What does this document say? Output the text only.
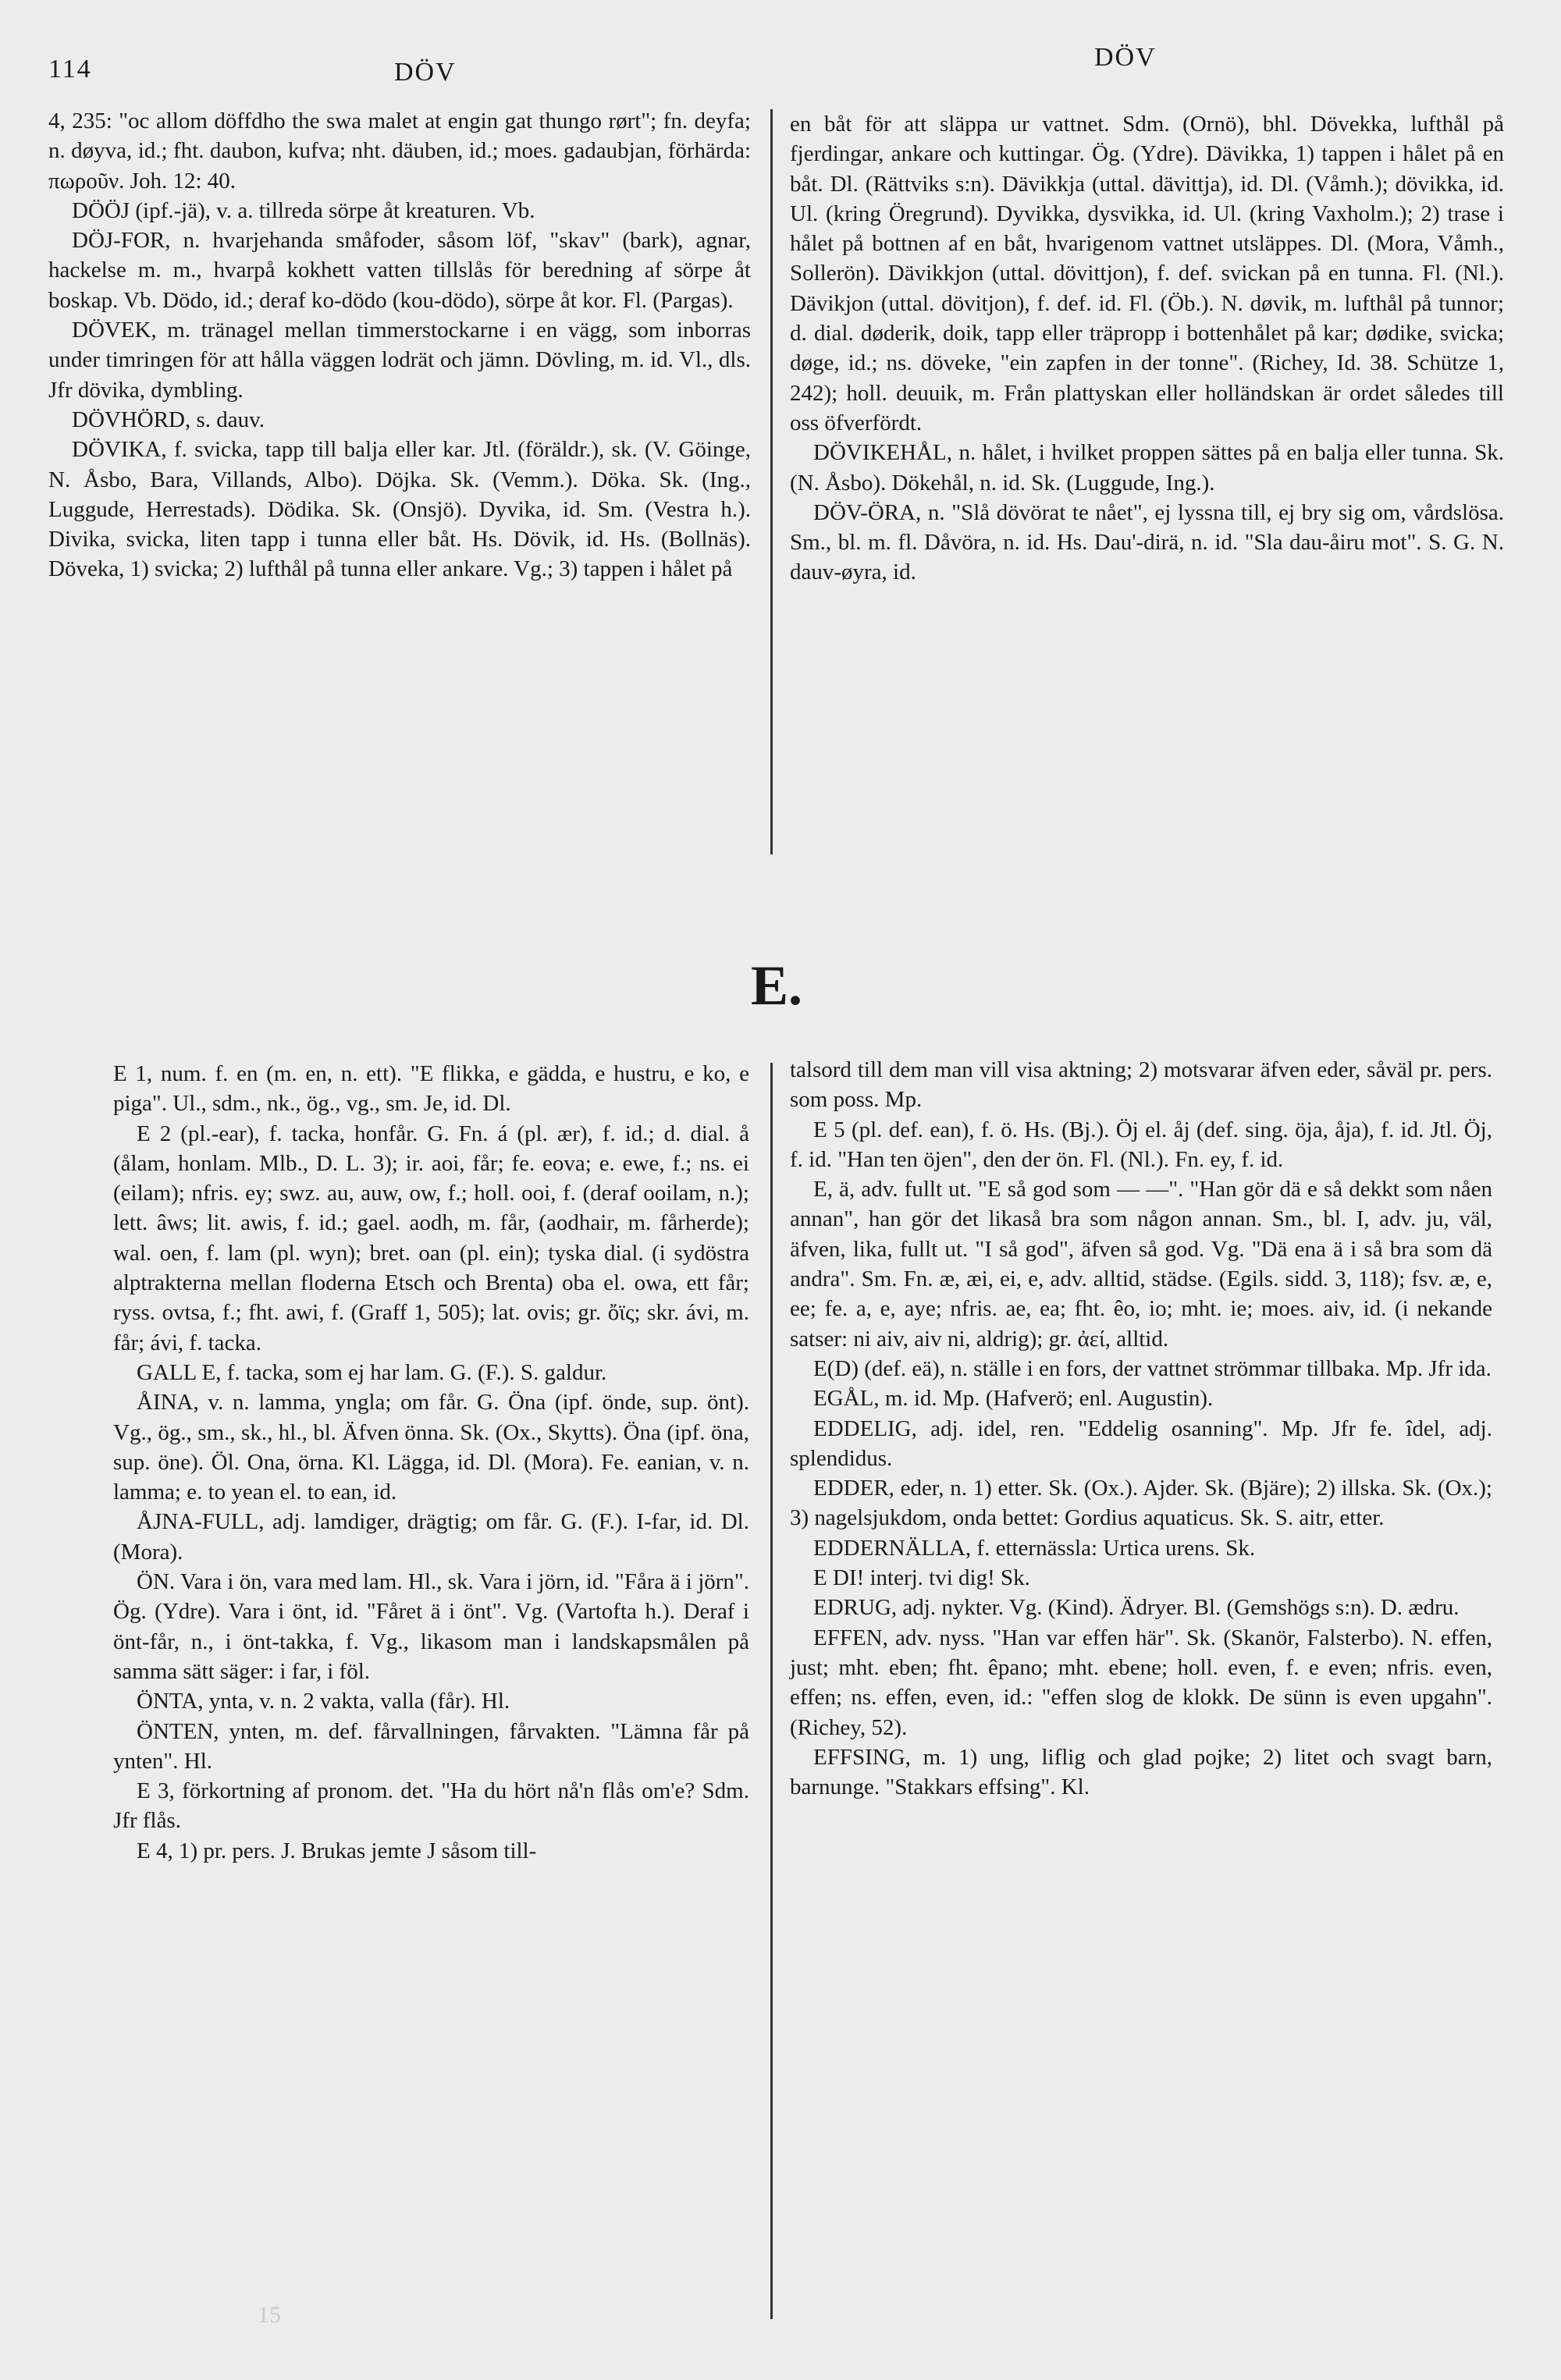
114	DÖV
DÖV

4, 235: "oc allom döffdho the swa malet at engin gat thungo rørt"; fn. deyfa; n. døyva, id.; fht. daubon, kufva; nht. däuben, id.; moes. gadaubjan, förhärda: πωροῦν. Joh. 12: 40.

DÖÖJ (ipf.-jä), v. a. tillreda sörpe åt kreaturen. Vb.

DÖJ-FOR, n. hvarjehanda småfoder, såsom löf, "skav" (bark), agnar, hackelse m. m., hvarpå kokhett vatten tillslås för beredning af sörpe åt boskap. Vb. Dödo, id.; deraf ko-dödo (kou-dödo), sörpe åt kor. Fl. (Pargas).

DÖVEK, m. tränagel mellan timmerstockarne i en vägg, som inborras under timringen för att hålla väggen lodrät och jämn. Dövling, m. id. Vl., dls. Jfr dövika, dymbling.

DÖVHÖRD, s. dauv.

DÖVIKA, f. svicka, tapp till balja eller kar. Jtl. (föräldr.), sk. (V. Göinge, N. Åsbo, Bara, Villands, Albo). Döjka. Sk. (Vemm.). Döka. Sk. (Ing., Luggude, Herrestads). Dödika. Sk. (Onsjö). Dyvika, id. Sm. (Vestra h.). Divika, svicka, liten tapp i tunna eller båt. Hs. Dövik, id. Hs. (Bollnäs). Döveka, 1) svicka; 2) lufthål på tunna eller ankare. Vg.; 3) tappen i hålet på

en båt för att släppa ur vattnet. Sdm. (Ornö), bhl. Dövekka, lufthål på fjerdingar, ankare och kuttingar. Ög. (Ydre). Dävikka, 1) tappen i hålet på en båt. Dl. (Rättviks s:n). Dävikkja (uttal. dävittja), id. Dl. (Våmh.); dövikka, id. Ul. (kring Öregrund). Dyvikka, dysvikka, id. Ul. (kring Vaxholm.); 2) trase i hålet på bottnen af en båt, hvarigenom vattnet utsläppes. Dl. (Mora, Våmh., Sollerön). Dävikkjon (uttal. dövittjon), f. def. svickan på en tunna. Fl. (Nl.). Dävikjon (uttal. dövitjon), f. def. id. Fl. (Öb.). N. døvik, m. lufthål på tunnor; d. dial. døderik, doik, tapp eller träpropp i bottenhålet på kar; dødike, svicka; døge, id.; ns. döveke, "ein zapfen in der tonne". (Richey, Id. 38. Schütze 1, 242); holl. deuuik, m. Från plattyskan eller holländskan är ordet således till oss öfverfördt.

DÖVIKEHÅL, n. hålet, i hvilket proppen sättes på en balja eller tunna. Sk. (N. Åsbo). Dökehål, n. id. Sk. (Luggude, Ing.).

DÖV-ÖRA, n. "Slå dövörat te nået", ej lyssna till, ej bry sig om, vårdslösa. Sm., bl. m. fl. Dåvöra, n. id. Hs. Dau'-dirä, n. id. "Sla dau-åiru mot". S. G. N. dauv-øyra, id.

E.

E 1, num. f. en (m. en, n. ett). "E flikka, e gädda, e hustru, e ko, e piga". Ul., sdm., nk., ög., vg., sm. Je, id. Dl.

E 2 (pl.-ear), f. tacka, honfår. G. Fn. á (pl. ær), f. id.; d. dial. å (ålam, honlam. Mlb., D. L. 3); ir. aoi, får; fe. eova; e. ewe, f.; ns. ei (eilam); nfris. ey; swz. au, auw, ow, f.; holl. ooi, f. (deraf ooilam, n.); lett. âws; lit. awis, f. id.; gael. aodh, m. får, (aodhair, m. fårherde); wal. oen, f. lam (pl. wyn); bret. oan (pl. ein); tyska dial. (i sydöstra alptrakterna mellan floderna Etsch och Brenta) oba el. owa, ett får; ryss. ovtsa, f.; fht. awi, f. (Graff 1, 505); lat. ovis; gr. ὄϊς; skr. ávi, m. får; ávi, f. tacka.

GALL E, f. tacka, som ej har lam. G. (F.). S. galdur.

ÅINA, v. n. lamma, yngla; om får. G. Öna (ipf. önde, sup. önt). Vg., ög., sm., sk., hl., bl. Äfven önna. Sk. (Ox., Skytts). Öna (ipf. öna, sup. öne). Öl. Ona, örna. Kl. Lägga, id. Dl. (Mora). Fe. eanian, v. n. lamma; e. to yean el. to ean, id.

ÅJNA-FULL, adj. lamdiger, drägtig; om får. G. (F.). I-far, id. Dl. (Mora).

ÖN. Vara i ön, vara med lam. Hl., sk. Vara i jörn, id. "Fåra ä i jörn". Ög. (Ydre). Vara i önt, id. "Fåret ä i önt". Vg. (Vartofta h.). Deraf i önt-får, n., i önt-takka, f. Vg., likasom man i landskapsmålen på samma sätt säger: i far, i föl.

ÖNTA, ynta, v. n. 2 vakta, valla (får). Hl.

ÖNTEN, ynten, m. def. fårvallningen, fårvakten. "Lämna får på ynten". Hl.

E 3, förkortning af pronom. det. "Ha du hört nå'n flås om'e? Sdm. Jfr flås.

E 4, 1) pr. pers. J. Brukas jemte J såsom till-

talsord till dem man vill visa aktning; 2) motsvarar äfven eder, såväl pr. pers. som poss. Mp.

E 5 (pl. def. ean), f. ö. Hs. (Bj.). Öj el. åj (def. sing. öja, åja), f. id. Jtl. Öj, f. id. "Han ten öjen", den der ön. Fl. (Nl.). Fn. ey, f. id.

E, ä, adv. fullt ut. "E så god som — —". "Han gör dä e så dekkt som nåen annan", han gör det likaså bra som någon annan. Sm., bl. I, adv. ju, väl, äfven, lika, fullt ut. "I så god", äfven så god. Vg. "Dä ena ä i så bra som dä andra". Sm. Fn. æ, æi, ei, e, adv. alltid, städse. (Egils. sidd. 3, 118); fsv. æ, e, ee; fe. a, e, aye; nfris. ae, ea; fht. êo, io; mht. ie; moes. aiv, id. (i nekande satser: ni aiv, aiv ni, aldrig); gr. ἀεί, alltid.

E(D) (def. eä), n. ställe i en fors, der vattnet strömmar tillbaka. Mp. Jfr ida.

EGÅL, m. id. Mp. (Hafverö; enl. Augustin).

EDDELIG, adj. idel, ren. "Eddelig osanning". Mp. Jfr fe. îdel, adj. splendidus.

EDDER, eder, n. 1) etter. Sk. (Ox.). Ajder. Sk. (Bjäre); 2) illska. Sk. (Ox.); 3) nagelsjukdom, onda bettet: Gordius aquaticus. Sk. S. aitr, etter.

EDDERNÄLLA, f. etternässla: Urtica urens. Sk.

E DI! interj. tvi dig! Sk.

EDRUG, adj. nykter. Vg. (Kind). Ädryer. Bl. (Gemshögs s:n). D. ædru.

EFFEN, adv. nyss. "Han var effen här". Sk. (Skanör, Falsterbo). N. effen, just; mht. eben; fht. êpano; mht. ebene; holl. even, f. e even; nfris. even, effen; ns. effen, even, id.: "effen slog de klokk. De sünn is even upgahn". (Richey, 52).

EFFSING, m. 1) ung, liflig och glad pojke; 2) litet och svagt barn, barnunge. "Stakkars effsing". Kl.

15
